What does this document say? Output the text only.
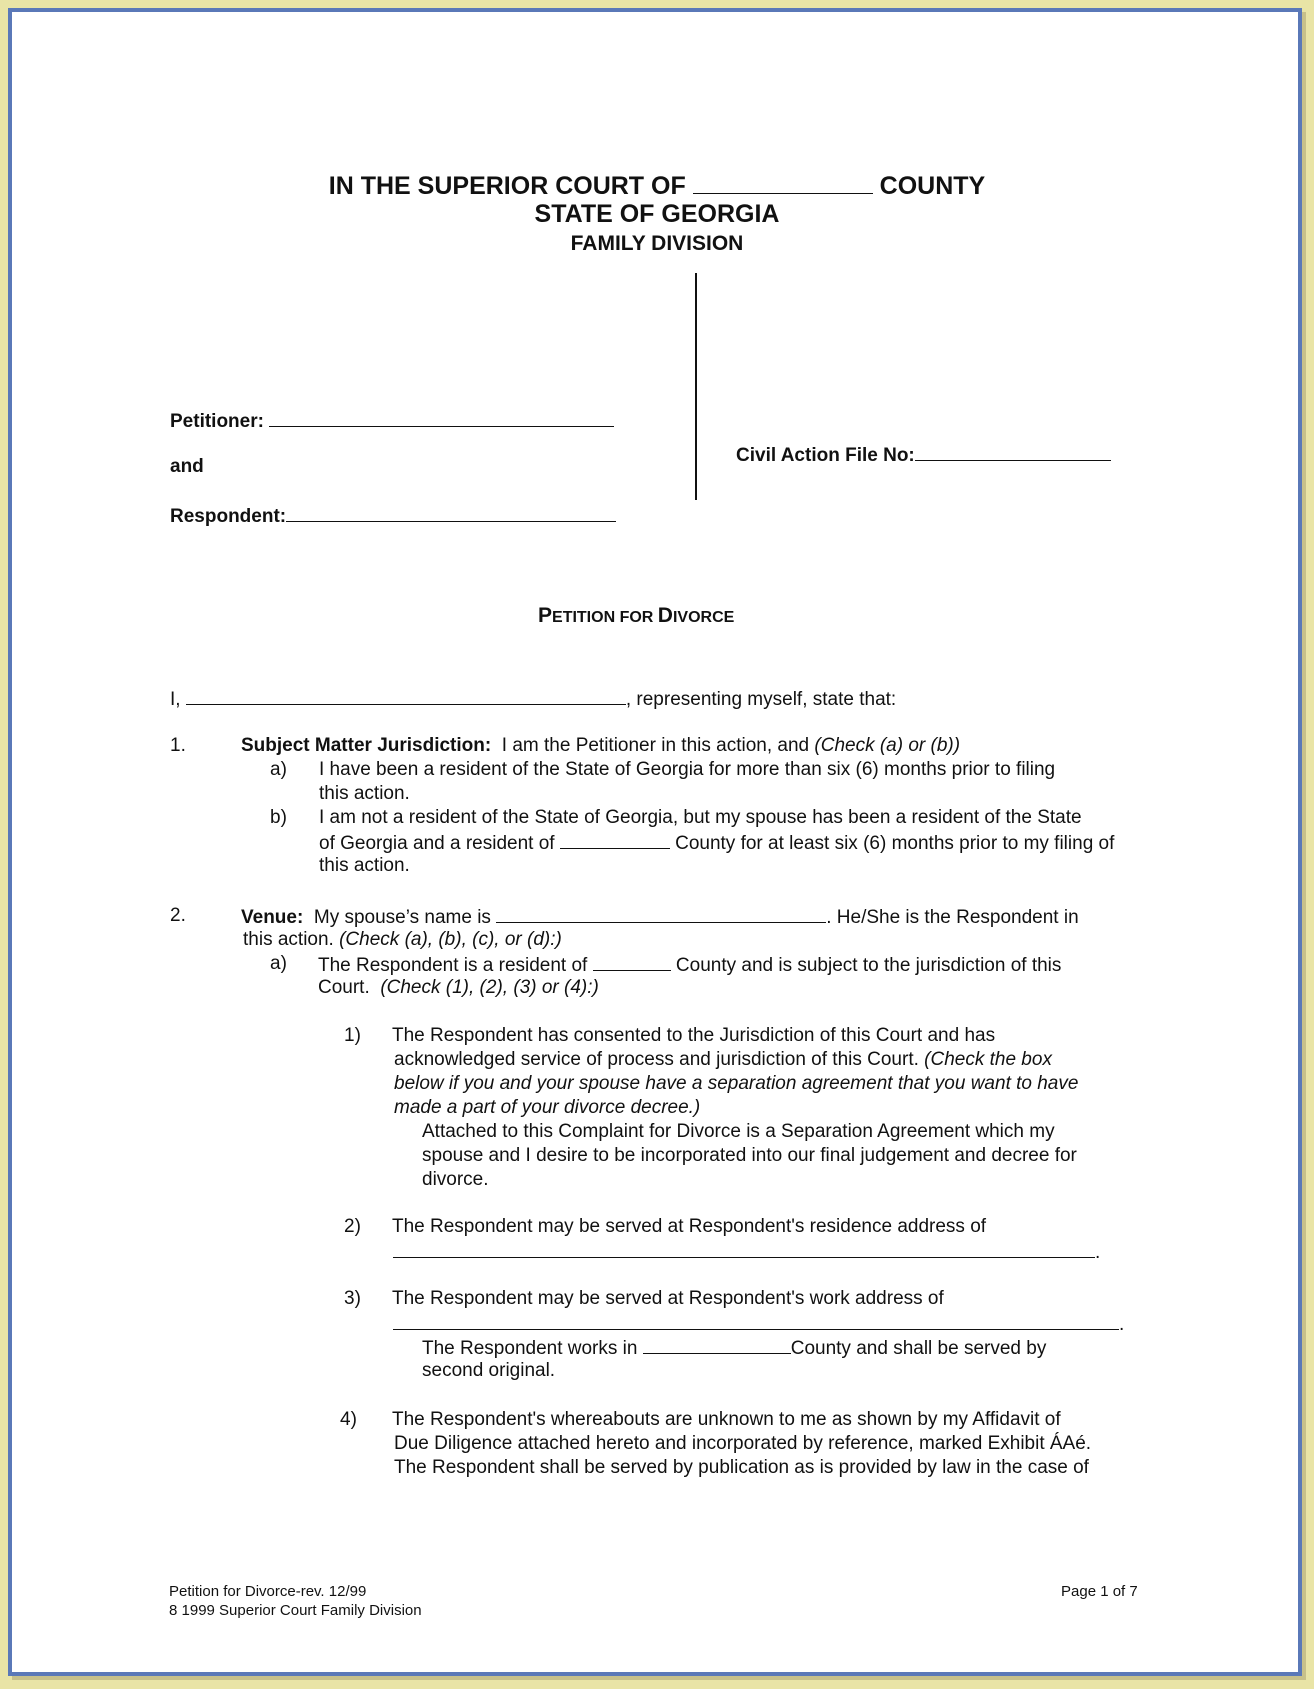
IN THE SUPERIOR COURT OF	COUNTY
STATE OF GEORGIA
FAMILY DIVISION
Petitioner:
and
Respondent:
Civil Action File No:
PETITION FOR DIVORCE
I,	, representing myself, state that:
1.	Subject Matter Jurisdiction: I am the Petitioner in this action, and (Check (a) or (b))
a) I have been a resident of the State of Georgia for more than six (6) months prior to filing
this action.
b) I am not a resident of the State of Georgia, but my spouse has been a resident of the State
of Georgia and a resident of	County for at least six (6) months prior to my filing of
this action.
2.	Venue: My spouse’s name is	. He/She is the Respondent in
this action. (Check (a), (b), (c), or (d):)
a) The Respondent is a resident of	County and is subject to the jurisdiction of this
Court. (Check (1), (2), (3) or (4):)
1) The Respondent has consented to the Jurisdiction of this Court and has
acknowledged service of process and jurisdiction of this Court. (Check the box
below if you and your spouse have a separation agreement that you want to have
made a part of your divorce decree.)
Attached to this Complaint for Divorce is a Separation Agreement which my
spouse and I desire to be incorporated into our final judgement and decree for
divorce.
2) The Respondent may be served at Respondent's residence address of
.
3) The Respondent may be served at Respondent's work address of
.
The Respondent works in	County and shall be served by
second original.
4) The Respondent's whereabouts are unknown to me as shown by my Affidavit of
Due Diligence attached hereto and incorporated by reference, marked Exhibit ÁAé.
The Respondent shall be served by publication as is provided by law in the case of
Petition for Divorce-rev. 12/99
8 1999 Superior Court Family Division
Page 1 of 7
